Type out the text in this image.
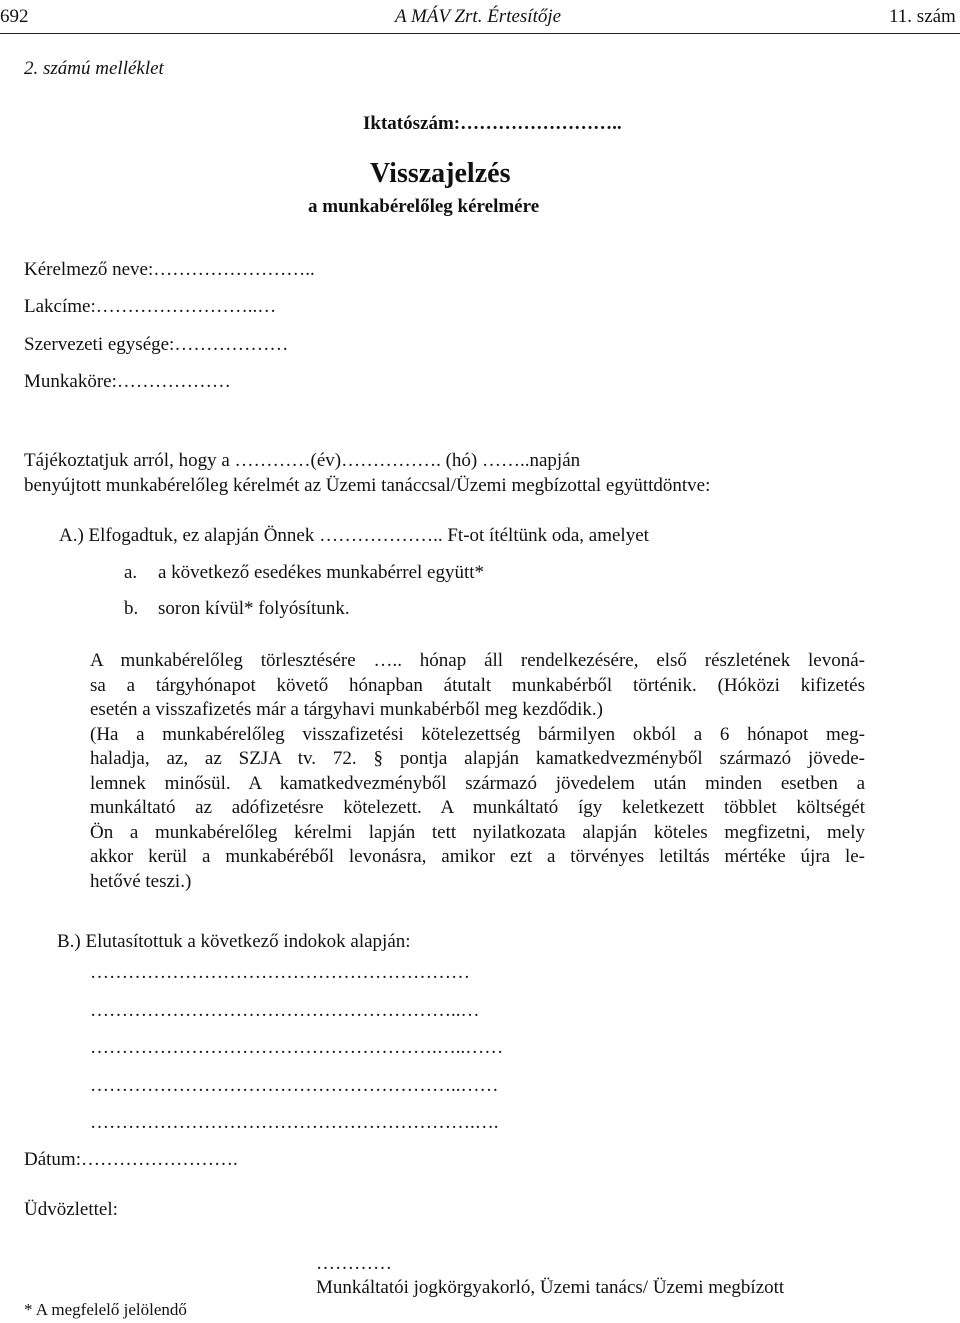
692	A MÁV Zrt. Értesítője	11. szám
2. számú melléklet
Iktatószám:……………………..
Visszajelzés
a munkabérelőleg kérelmére
Kérelmező neve:……………………..
Lakcíme:……………………..…
Szervezeti egysége:………………
Munkaköre:………………
Tájékoztatjuk arról, hogy a …………(év)……………. (hó) ……..napján
benyújtott munkabérelőleg kérelmét az Üzemi tanáccsal/Üzemi megbízottal együttdöntve:
A.) Elfogadtuk, ez alapján Önnek ……………….. Ft-ot ítéltünk oda, amelyet
a. a következő esedékes munkabérrel együtt*
b. soron kívül* folyósítunk.
A munkabérelőleg törlesztésére ….. hónap áll rendelkezésére, első részletének levoná-
sa a tárgyhónapot követő hónapban átutalt munkabérből történik. (Hóközi kifizetés
esetén a visszafizetés már a tárgyhavi munkabérből meg kezdődik.)
(Ha a munkabérelőleg visszafizetési kötelezettség bármilyen okból a 6 hónapot meg-
haladja, az, az SZJA tv. 72. § pontja alapján kamatkedvezményből származó jövede-
lemnek minősül. A kamatkedvezményből származó jövedelem után minden esetben a
munkáltató az adófizetésre kötelezett. A munkáltató így keletkezett többlet költségét
Ön a munkabérelőleg kérelmi lapján tett nyilatkozata alapján köteles megfizetni, mely
akkor kerül a munkabéréből levonásra, amikor ezt a törvényes letiltás mértéke újra le-
hetővé teszi.)
B.) Elutasítottuk a következő indokok alapján:
……………………………………………………
…………………………………………………..…
……………………………………………….…..……
…………………………………………………..……
…………………………………………………….….
Dátum:…………………….
Üdvözlettel:
…………
Munkáltatói jogkörgyakorló, Üzemi tanács/ Üzemi megbízott
* A megfelelő jelölendő
